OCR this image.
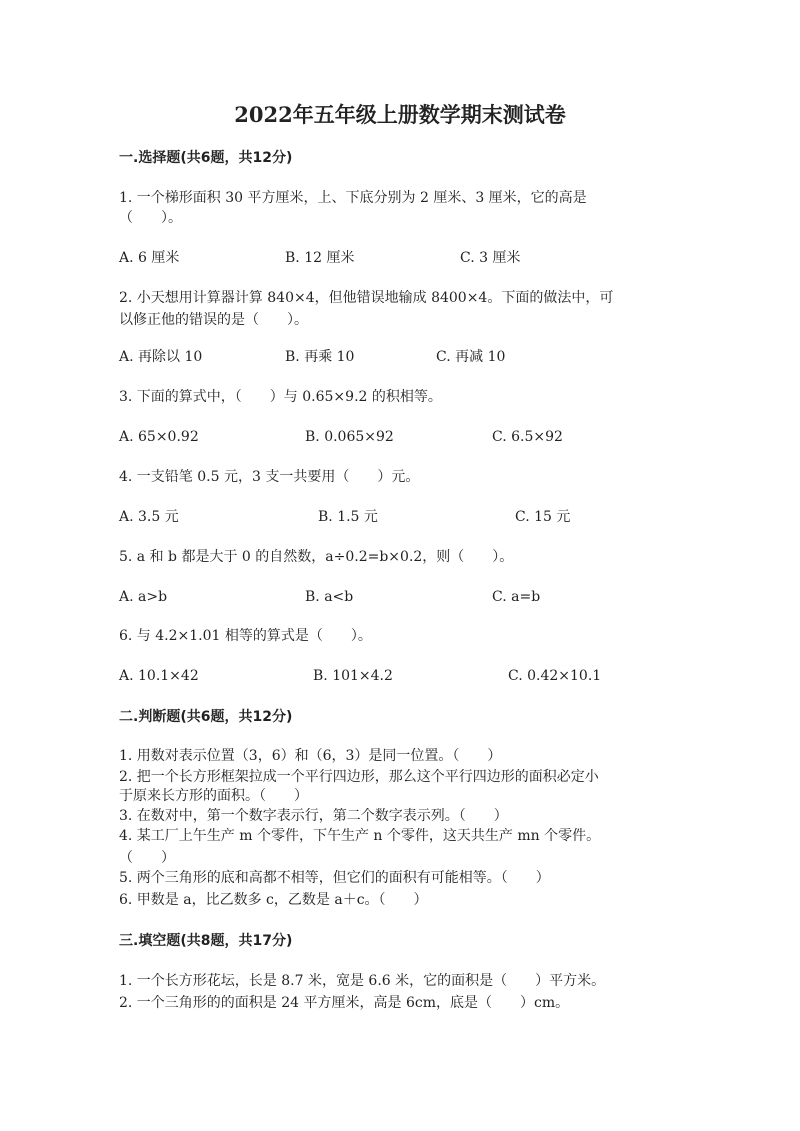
2022年五年级上册数学期末测试卷
一.选择题(共6题，共12分)
1. 一个梯形面积 30 平方厘米，上、下底分别为 2 厘米、3 厘米，它的高是
（　　）。
A. 6 厘米	B. 12 厘米	C. 3 厘米
2. 小天想用计算器计算 840×4，但他错误地输成 8400×4。下面的做法中，可
以修正他的错误的是（　　）。
A. 再除以 10	B. 再乘 10	C. 再减 10
3. 下面的算式中，（　　）与 0.65×9.2 的积相等。
A. 65×0.92	B. 0.065×92	C. 6.5×92
4. 一支铅笔 0.5 元，3 支一共要用（　　）元。
A. 3.5 元	B. 1.5 元	C. 15 元
5. a 和 b 都是大于 0 的自然数，a÷0.2=b×0.2，则（　　）。
A. a>b	B. a<b	C. a=b
6. 与 4.2×1.01 相等的算式是（　　）。
A. 10.1×42	B. 101×4.2	C. 0.42×10.1
二.判断题(共6题，共12分)
1. 用数对表示位置（3，6）和（6，3）是同一位置。（　　）
2. 把一个长方形框架拉成一个平行四边形，那么这个平行四边形的面积必定小
于原来长方形的面积。（　　）
3. 在数对中，第一个数字表示行，第二个数字表示列。（　　）
4. 某工厂上午生产 m 个零件，下午生产 n 个零件，这天共生产 mn 个零件。
（　　）
5. 两个三角形的底和高都不相等，但它们的面积有可能相等。（　　）
6. 甲数是 a，比乙数多 c，乙数是 a＋c。（　　）
三.填空题(共8题，共17分)
1. 一个长方形花坛，长是 8.7 米，宽是 6.6 米，它的面积是（　　）平方米。
2. 一个三角形的的面积是 24 平方厘米，高是 6cm，底是（　　）cm。
